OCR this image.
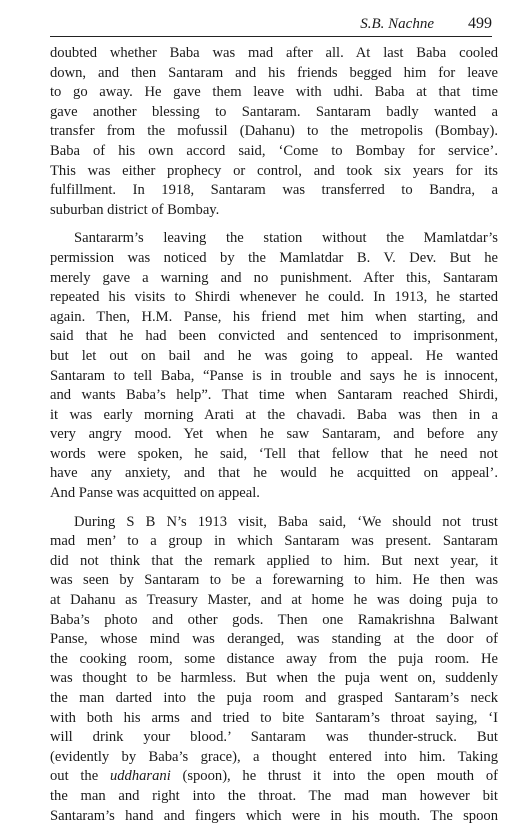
S.B. Nachne 499

doubted whether Baba was mad after all. At last Baba cooled
down, and then Santaram and his friends begged him for leave
to go away. He gave them leave with udhi. Baba at that time
gave another blessing to Santaram. Santaram badly wanted a
transfer from the mofussil (Dahanu) to the metropolis (Bombay).
Baba of his own accord said, ‘Come to Bombay for service’.
This was either prophecy or control, and took six years for its
fulfillment. In 1918, Santaram was transferred to Bandra, a
suburban district of Bombay.

Santararm’s leaving the station without the Mamlatdar’s
permission was noticed by the Mamlatdar B. V. Dev. But he
merely gave a warning and no punishment. After this, Santaram
repeated his visits to Shirdi whenever he could. In 1913, he started
again. Then, H.M. Panse, his friend met him when starting, and
said that he had been convicted and sentenced to imprisonment,
but let out on bail and he was going to appeal. He wanted
Santaram to tell Baba, “Panse is in trouble and says he is innocent,
and wants Baba’s help”. That time when Santaram reached Shirdi,
it was early morning Arati at the chavadi. Baba was then in a
very angry mood. Yet when he saw Santaram, and before any
words were spoken, he said, ‘Tell that fellow that he need not
have any anxiety, and that he would he acquitted on appeal’.
And Panse was acquitted on appeal.

During S B N’s 1913 visit, Baba said, ‘We should not trust
mad men’ to a group in which Santaram was present. Santaram
did not think that the remark applied to him. But next year, it
was seen by Santaram to be a forewarning to him. He then was
at Dahanu as Treasury Master, and at home he was doing puja to
Baba’s photo and other gods. Then one Ramakrishna Balwant
Panse, whose mind was deranged, was standing at the door of
the cooking room, some distance away from the puja room. He
was thought to be harmless. But when the puja went on, suddenly
the man darted into the puja room and grasped Santaram’s neck
with both his arms and tried to bite Santaram’s throat saying, ‘I
will drink your blood.’ Santaram was thunder-struck. But
(evidently by Baba’s grace), a thought entered into him. Taking
out the uddharani (spoon), he thrust it into the open mouth of
the man and right into the throat. The mad man however bit
Santaram’s hand and fingers which were in his mouth. The spoon
